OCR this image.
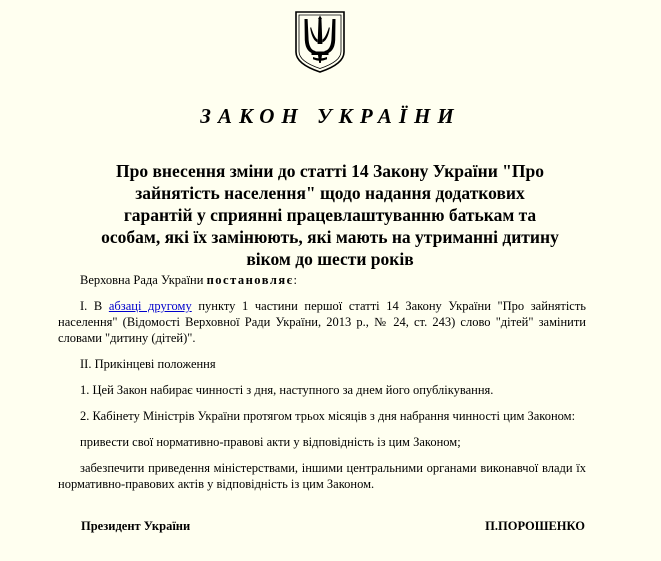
ЗАКОН УКРАЇНИ
Про внесення зміни до статті 14 Закону України "Про зайнятість населення" щодо надання додаткових гарантій у сприянні працевлаштуванню батькам та особам, які їх замінюють, які мають на утриманні дитину віком до шести років

Верховна Рада України постановляє:

I. В абзаці другому пункту 1 частини першої статті 14 Закону України "Про зайнятість населення" (Відомості Верховної Ради України, 2013 р., № 24, ст. 243) слово "дітей" замінити словами "дитину (дітей)".

II. Прикінцеві положення

1. Цей Закон набирає чинності з дня, наступного за днем його опублікування.

2. Кабінету Міністрів України протягом трьох місяців з дня набрання чинності цим Законом:

привести свої нормативно-правові акти у відповідність із цим Законом;

забезпечити приведення міністерствами, іншими центральними органами виконавчої влади їх нормативно-правових актів у відповідність із цим Законом.

Президент України	П.ПОРОШЕНКО
